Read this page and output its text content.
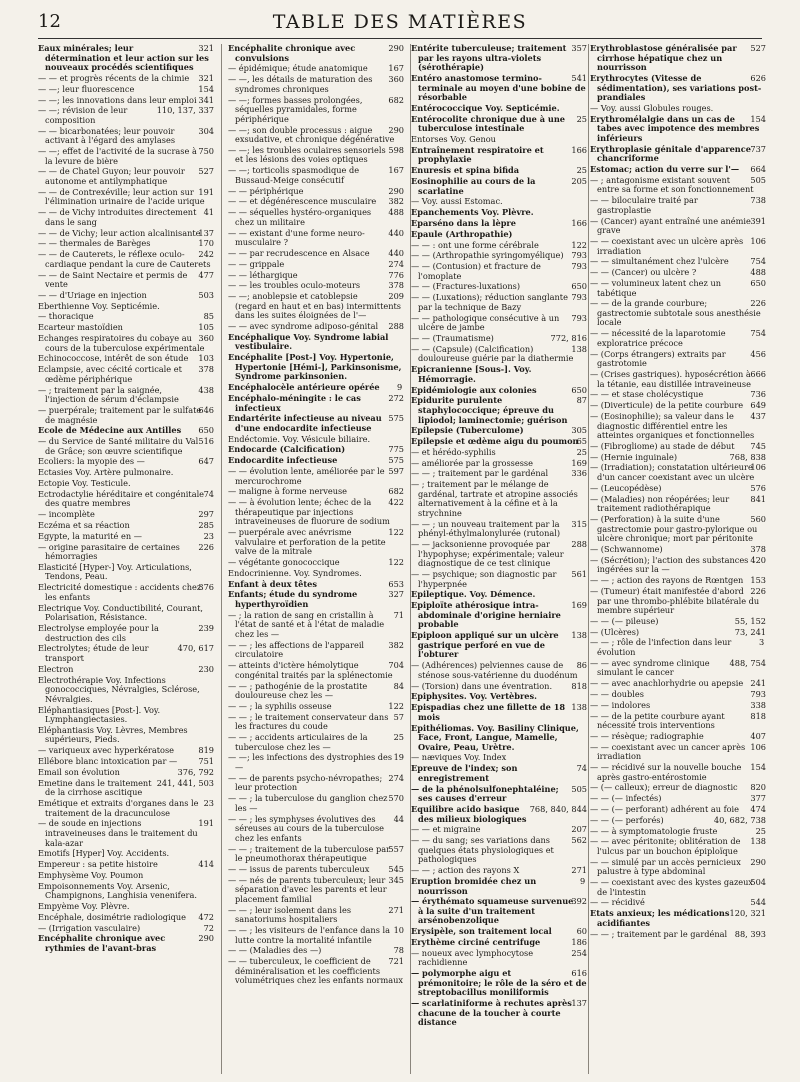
12	TABLE DES MATIÈRES
321
Eaux minérales; leur détermination et leur action sur les nouveaux procédés scientifiques
321
— — et progrès récents de la chimie
154
— —; leur fluorescence
341
— —; les innovations dans leur emploi
110, 137, 337
— —; révision de leur composition
304
— — bicarbonatées; leur pouvoir activant à l'égard des amylases
750
— —; effet de l'activité de la sucrase à la levure de bière
527
— — de Chatel Guyon; leur pouvoir autonome et antilymphatique
191
— — de Contrexéville; leur action sur l'élimination urinaire de l'acide urique
41
— — de Vichy introduites directement dans le sang
137
— — de Vichy; leur action alcalinisante
170
— — thermales de Barèges
242
— — de Cauterets, le réflexe oculo-cardiaque pendant la cure de Cauterets
477
— — de Saint Nectaire et permis de vente
503
— — d'Uriage en injection
Eberthienne Voy. Septicémie.
85
— thoracique
105
Ecarteur mastoïdien
360
Echanges respiratoires du cobaye au cours de la tuberculose expérimentale
103
Echinococcose, intérêt de son étude
378
Eclampsie, avec cécité corticale et œdème périphérique
438
— ; traitement par la saignée, l'injection de sérum d'éclampsie
646
— puerpérale; traitement par le sulfate de magnésie
650
Ecole de Médecine aux Antilles
516
— du Service de Santé militaire du Val de Grâce; son œuvre scientifique
647
Ecoliers: la myopie des —
Ectasies Voy. Artère pulmonaire.
Ectopie Voy. Testicule.
74
Ectrodactylie héréditaire et congénitale des quatre membres
297
— incomplète
285
Eczéma et sa réaction
23
Egypte, la maturité en —
226
— origine parasitaire de certaines hémorragies
Elasticité [Hyper-] Voy. Articulations, Tendons, Peau.
376
Electricité domestique : accidents chez les enfants
Electrique Voy. Conductibilité, Courant, Polarisation, Résistance.
239
Electrolyse employée pour la destruction des cils
470, 617
Electrolytes; étude de leur transport
230
Electron
Electrothérapie Voy. Infections gonococciques, Névralgies, Sclérose, Névralgies.
Eléphantiasiques [Post-]. Voy. Lymphangiectasies.
Eléphantiasis Voy. Lèvres, Membres supérieurs, Pieds.
819
— variqueux avec hyperkératose
751
Ellébore blanc intoxication par —
376, 792
Email son évolution
241, 441, 503
Emetine dans le traitement de la cirrhose ascitique
23
Emétique et extraits d'organes dans le traitement de la dracunculose
191
— de soude en injections intraveineuses dans le traitement du kala-azar
Emotifs [Hyper] Voy. Accidents.
414
Empereur : sa petite histoire
Emphysème Voy. Poumon
Empoisonnements Voy. Arsenic, Champignons, Langhisia venenifera.
Empyème Voy. Plèvre.
472
Encéphale, dosimétrie radiologique
72
— (Irrigation vasculaire)
290
Encéphalite chronique avec rythmies de l'avant-bras
290
Encéphalite chronique avec convulsions
167
— épidémique; étude anatomique
360
— —, les détails de maturation des syndromes chroniques
682
— —; formes basses prolongées, séquelles pyramidales, forme périphérique
290
— —; son double processus : aigue exsudative, et chronique dégénérative
598
— —; les troubles oculaires sensoriels et les lésions des voies optiques
167
— —; torticolis spasmodique de Bussaud-Meige consécutif
290
— — périphérique
382
— — et dégénérescence musculaire
488
— — séquelles hystéro-organiques chez un militaire
440
— — existant d'une forme neuro-musculaire ?
440
— — par recrudescence en Alsace
274
— — grippale
776
— — léthargique
378
— — les troubles oculo-moteurs
209
— —; anoblepsie et catoblepsie (regard en haut et en bas) intermittents dans les suites éloignées de l'—
288
— — avec syndrome adiposo-génital
Encéphalique Voy. Syndrome labial vestibulaire.
Encéphalite [Post-] Voy. Hypertonie, Hypertonie [Hémi-], Parkinsonisme, Syndrome parkinsonien.
9
Encéphalocèle antérieure opérée
272
Encéphalo-méningite : le cas infectieux
575
Endartérite infectieuse au niveau d'une endocardite infectieuse
Endéctomie. Voy. Vésicule biliaire.
775
Endocarde (Calcification)
575
Endocardite infectieuse
597
— — évolution lente, améliorée par le mercurochrome
682
— maligne à forme nerveuse
422
— — à évolution lente; échec de la thérapeutique par injections intraveineuses de fluorure de sodium
122
— puerpérale avec anévrisme valvulaire et perforation de la petite valve de la mitrale
122
— végétante gonococcique
Endocrinienne. Voy. Syndromes.
653
Enfant à deux têtes
327
Enfants; étude du syndrome hyperthyroïdien
71
— ; la ration de sang en cristallin à l'état de santé et à l'état de maladie chez les —
382
— — ; les affections de l'appareil circulatoire
704
— atteints d'ictère hémolytique congénital traités par la splénectomie
84
— — ; pathogénie de la prostatite douloureuse chez les —
122
— — ; la syphilis osseuse
57
— — ; le traitement conservateur dans les fractures du coude
25
— — ; accidents articulaires de la tuberculose chez les —
19
— —; les infections des dystrophies des —
274
— — de parents psycho-névropathes; leur protection
570
— — ; la tuberculose du ganglion chez les —
44
— — ; les symphyses évolutives des séreuses au cours de la tuberculose chez les enfants
557
— — ; traitement de la tuberculose par le pneumothorax thérapeutique
545
— — issus de parents tuberculeux
345
— — nés de parents tuberculeux; leur séparation d'avec les parents et leur placement familial
271
— — ; leur isolement dans les sanatoriums hospitaliers
10
— — ; les visiteurs de l'enfance dans la lutte contre la mortalité infantile
78
— — (Maladies des —)
721
— — tuberculeux, le coefficient de déminéralisation et les coefficients volumétriques chez les enfants normaux
357
Entérite tuberculeuse; traitement par les rayons ultra-violets (sérothérapie)
541
Entéro anastomose termino-terminale au moyen d'une bobine de résorbable
Entérococcique Voy. Septicémie.
25
Entérocolite chronique due à une tuberculose intestinale
Entorses Voy. Genou
166
Entraînement respiratoire et prophylaxie
25
Enuresis et spina bifida
205
Eosinophilie au cours de la scarlatine
— Voy. aussi Estomac.
Epanchements Voy. Plèvre.
166
Eparséno dans la lèpre
Epaule (Arthropathie)
122
— — : ont une forme cérébrale
793
— — (Arthropathie syringomyélique)
793
— — (Contusion) et fracture de l'omoplate
650
— — (Fractures-luxations)
793
— — (Luxations); réduction sanglante par la technique de Bazy
793
— — pathologique consécutive à un ulcère de jambe
772, 816
— — (Traumatisme)
138
— — (Capsule) (Calcification) douloureuse guérie par la diathermie
Epicranienne [Sous-]. Voy. Hémorragie.
650
Epidémiologie aux colonies
87
Epidurite purulente staphylococcique; épreuve du lipiodol; laminectomie; guérison
305
Epilepsie (Tuberculome)
65
Epilepsie et œdème aigu du poumon
25
— et hérédo-syphilis
169
— améliorée par la grossesse
336
— — ; traitement par le gardénal
— ; traitement par le mélange de gardénal, tartrate et atropine associés alternativement à la céfine et à la strychnine
315
— — ; un nouveau traitement par la phényl-éthylmalonylurée (rutonal)
288
— — jacksonienne provoquée par l'hypophyse; expérimentale; valeur diagnostique de ce test clinique
561
— — psychique; son diagnostic par l'hyperpnée
Epileptique. Voy. Démence.
169
Epiploïte athérosique intra-abdominale d'origine herniaire probable
138
Epiploon appliqué sur un ulcère gastrique perforé en vue de l'obturer
86
— (Adhérences) pelviennes cause de sténose sous-vatérienne du duodénum
818
— (Torsion) dans une éventration.
Epiphysites. Voy. Vertèbres.
138
Epispadias chez une fillette de 18 mois
Epithéliomas. Voy. Basiliny Clinique, Face, Front, Langue, Mamelle, Ovaire, Peau, Urètre.
— næviques Voy. Index
74
Epreuve de l'index; son enregistrement
505
— de la phénolsulfonephtaléine; ses causes d'erreur
768, 840, 844
Equilibre acido basique des milieux biologiques
207
— — et migraine
562
— — du sang; ses variations dans quelques états physiologiques et pathologiques
271
— — ; action des rayons X
9
Eruption bromidée chez un nourrisson
392
— érythémato squameuse survenue à la suite d'un traitement arsénobenzolique
60
Erysipèle, son traitement local
186
Erythème circiné centrifuge
254
— noueux avec lymphocytose rachidienne
616
— polymorphe aigu et prémonitoire; le rôle de la séro et de streptobacillus moniliformis
137
— scarlatiniforme à rechutes après chacune de la toucher à courte distance
527
Erythroblastose généralisée par cirrhose hépatique chez un nourrisson
626
Erythrocytes (Vitesse de sédimentation), ses variations post-prandiales
— Voy. aussi Globules rouges.
154
Erythromélalgie dans un cas de tabes avec impotence des membres inférieurs
737
Erythroplasie génitale d'apparence chancriforme
664
Estomac; action du verre sur l'—
505
— ; antagonisme existant souvent entre sa forme et son fonctionnement
738
— — biloculaire traité par gastroplastie
391
— (Cancer) ayant entraîné une anémie grave
106
— — coexistant avec un ulcère après irradiation
754
— — simultanément chez l'ulcère
488
— — (Cancer) ou ulcère ?
650
— — volumineux latent chez un tabétique
226
— — de la grande courbure; gastrectomie subtotale sous anesthésie locale
754
— — nécessité de la laparotomie exploratrice précoce
456
— (Corps étrangers) extraits par gastrotomie
666
— (Crises gastriques). hyposécrétion à la tétanie, eau distillée intraveineuse
736
— — et stase cholécystique
649
— (Diverticule) de la petite courbure
437
— (Eosinophilie); sa valeur dans le diagnostic différentiel entre les atteintes organiques et fonctionnelles
745
— (Fibrogliome) au stade de début
768, 838
— (Hernie inguinale)
106
— (Irradiation); constatation ultérieure d'un cancer coexistant avec un ulcère
576
— (Leucopédèse)
841
— (Maladies) non réopérées; leur traitement radiothérapique
560
— (Perforation) à la suite d'une gastrectomie pour gastro-pylorique ou ulcère chronique; mort par péritonite
378
— (Schwannome)
420
— (Sécrétion); l'action des substances ingérées sur la —
153
— — ; action des rayons de Rœntgen
226
— (Tumeur) était manifestée d'abord par une thrombo-phlébite bilatérale du membre supérieur
55, 152
— — (— pileuse)
73, 241
— (Ulcères)
3
— — ; rôle de l'infection dans leur évolution
488, 754
— — avec syndrome clinique simulant le cancer
241
— — avec anachlorhydrie ou apepsie
793
— — doubles
338
— — indolores
818
— — de la petite courbure ayant nécessité trois interventions
407
— — résèque; radiographie
106
— — coexistant avec un cancer après irradiation
154
— — récidivé sur la nouvelle bouche après gastro-entérostomie
820
— (— calleux); erreur de diagnostic
377
— — (— infectés)
474
— — (— perforant) adhérent au foie
40, 682, 738
— — (— perforés)
25
— — à symptomatologie fruste
138
— — avec péritonite; oblitération de l'ulcus par un bouchon épiploïque
290
— — simulé par un accès pernicieux palustre à type abdominal
504
— — coexistant avec des kystes gazeux de l'intestin
544
— — récidivé
120, 321
Etats anxieux; les médications acidifiantes
88, 393
— — ; traitement par le gardénal
